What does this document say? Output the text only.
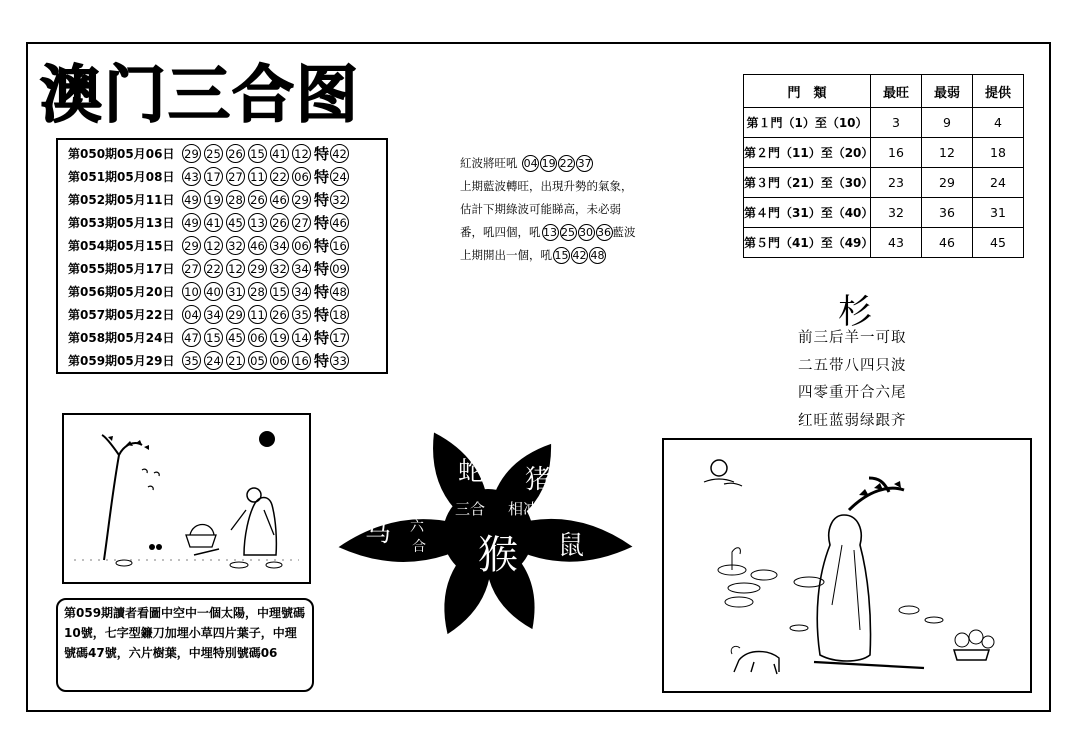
澳门三合图
第050期05月06日 29 25 26 15 41 12 特 42
第051期05月08日 43 17 27 11 22 06 特 24
第052期05月11日 49 19 28 26 46 29 特 32
第053期05月13日 49 41 45 13 26 27 特 46
第054期05月15日 29 12 32 46 34 06 特 16
第055期05月17日 27 22 12 29 32 34 特 09
第056期05月20日 10 40 31 28 15 34 特 48
第057期05月22日 04 34 29 11 26 35 特 18
第058期05月24日 47 15 45 06 19 14 特 17
第059期05月29日 35 24 21 05 06 16 特 33
紅波將旺吼 04 19 22 37
上期藍波轉旺，出現升勢的氣象，
估計下期綠波可能睇高，未必弱
番，吼四個，吼 13 25 30 36 藍波
上期開出一個，吼 15 42 48
門　類	最旺	最弱	提供
第１門（1）至（10）	3	9	4
第２門（11）至（20）	16	12	18
第３門（21）至（30）	23	29	24
第４門（31）至（40）	32	36	31
第５門（41）至（49）	43	46	45
杉
前三后羊一可取
二五带八四只波
四零重开合六尾
红旺蓝弱绿跟齐
第059期讀者看圖中空中一個太陽，中理號碼10號，七字型鐮刀加埋小草四片葉子，中理號碼47號，六片樹葉，中埋特別號碼06
蛇 猪
三合 相冲
马 六
合 猴 鼠
